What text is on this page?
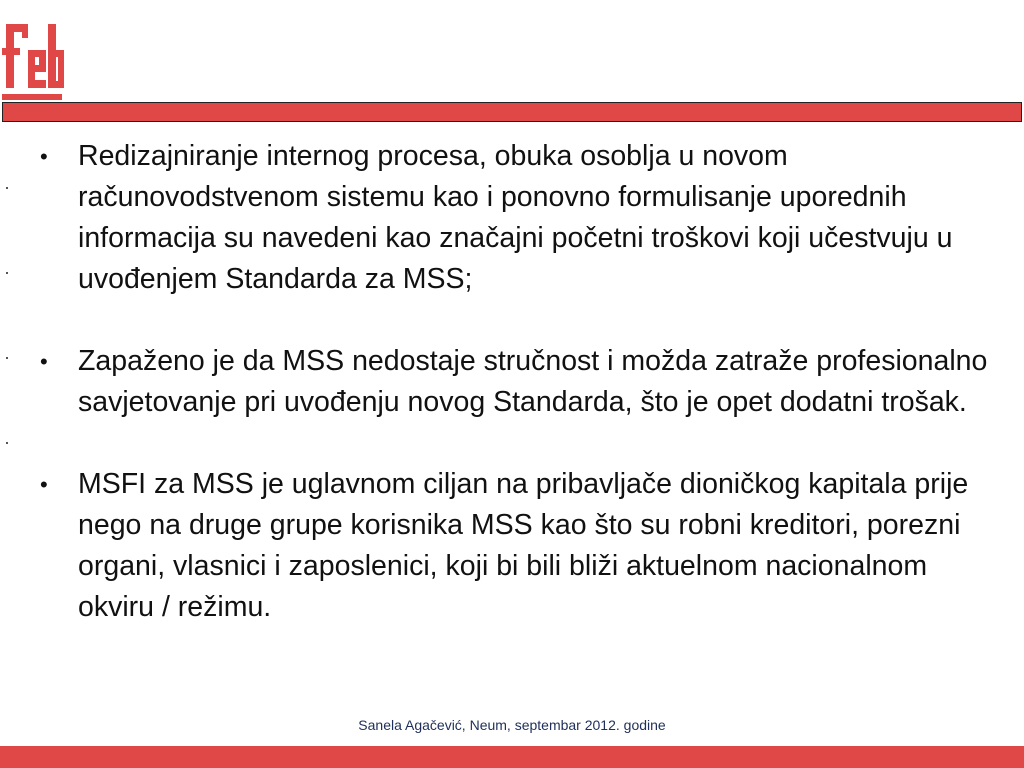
• Redizajniranje internog procesa, obuka osoblja u novom računovodstvenom sistemu kao i ponovno formulisanje uporednih informacija su navedeni kao značajni početni troškovi koji učestvuju u uvođenjem Standarda za MSS;
• Zapaženo je da MSS nedostaje stručnost i možda zatraže profesionalno savjetovanje pri uvođenju novog Standarda, što je opet dodatni trošak.
• MSFI za MSS je uglavnom ciljan na pribavljače dioničkog kapitala prije nego na druge grupe korisnika MSS kao što su robni kreditori, porezni organi, vlasnici i zaposlenici, koji bi bili bliži aktuelnom nacionalnom okviru / režimu.
Sanela Agačević, Neum, septembar 2012. godine
